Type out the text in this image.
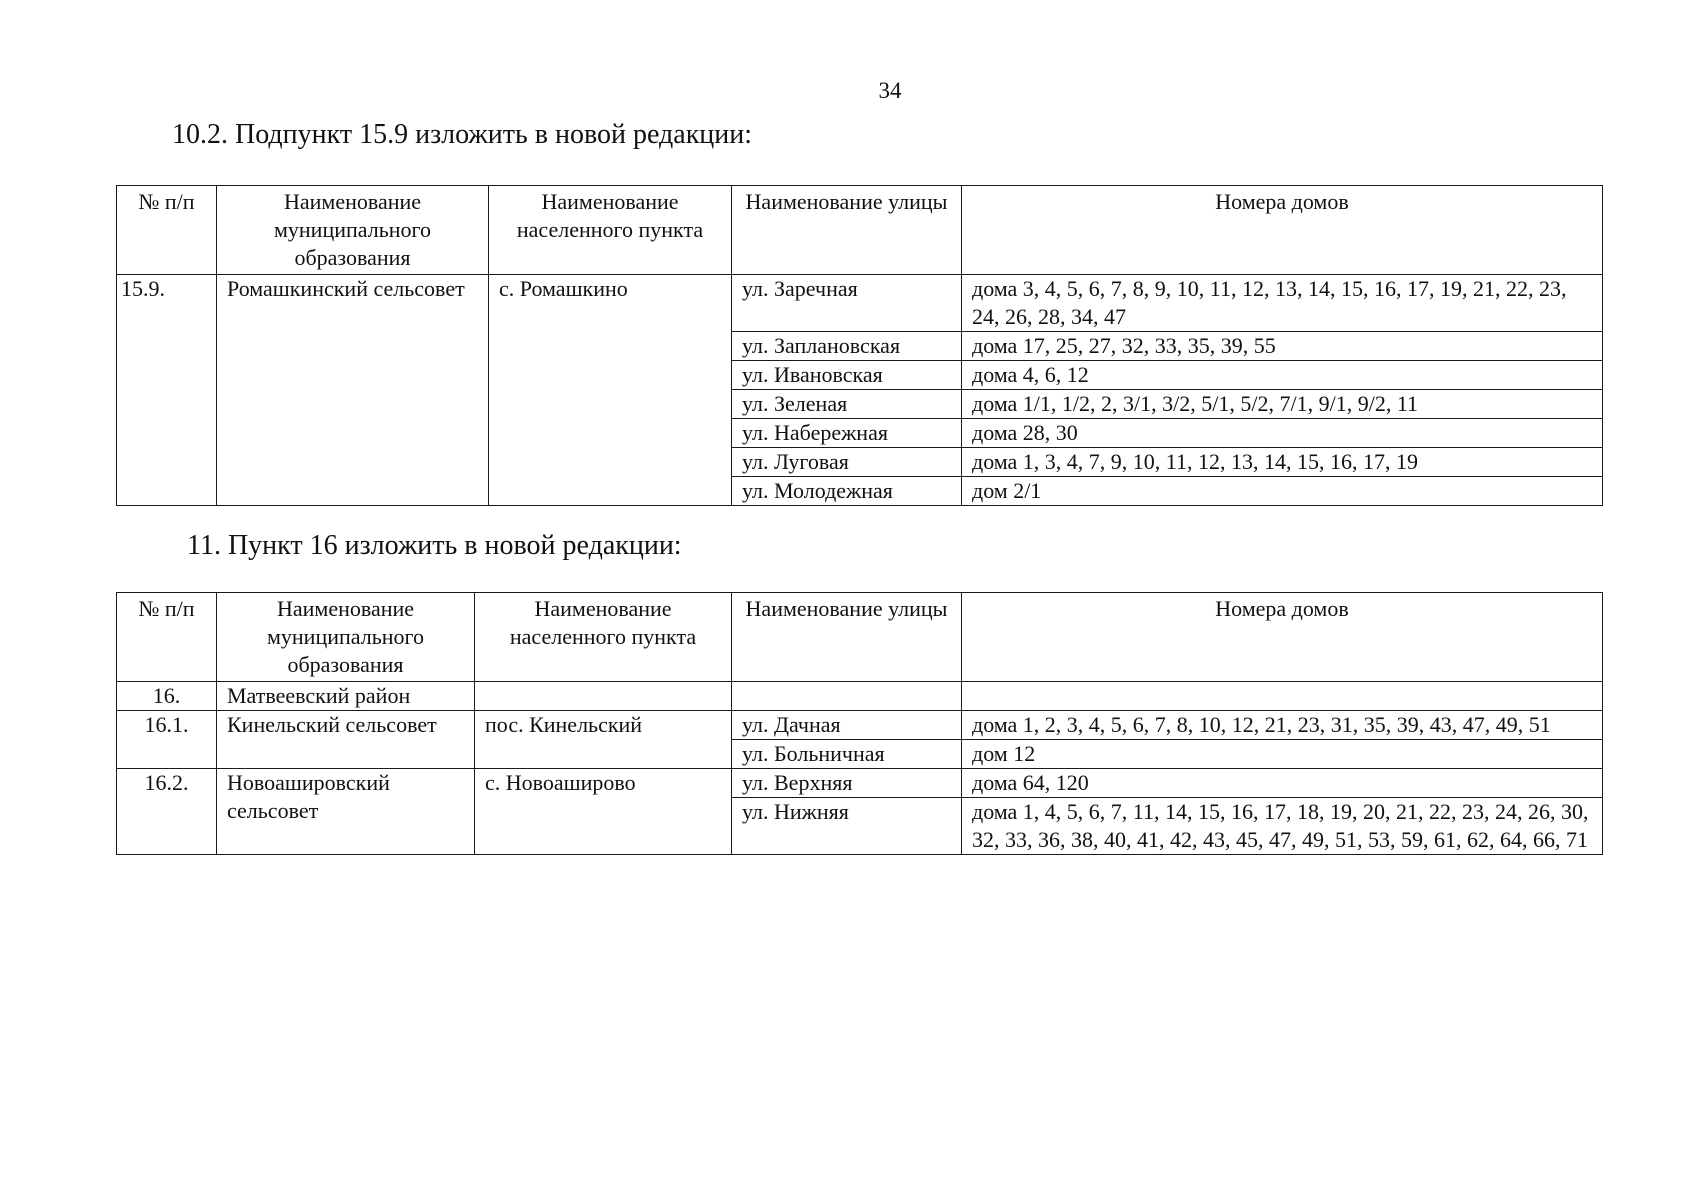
34
10.2. Подпункт 15.9 изложить в новой редакции:
№ п/п	Наименование муниципального образования	Наименование населенного пункта	Наименование улицы	Номера домов
15.9.	Ромашкинский сельсовет	с. Ромашкино	ул. Заречная	дома 3, 4, 5, 6, 7, 8, 9, 10, 11, 12, 13, 14, 15, 16, 17, 19, 21, 22, 23, 24, 26, 28, 34, 47
			ул. Заплановская	дома 17, 25, 27, 32, 33, 35, 39, 55
			ул. Ивановская	дома 4, 6, 12
			ул. Зеленая	дома 1/1, 1/2, 2, 3/1, 3/2, 5/1, 5/2, 7/1, 9/1, 9/2, 11
			ул. Набережная	дома 28, 30
			ул. Луговая	дома 1, 3, 4, 7, 9, 10, 11, 12, 13, 14, 15, 16, 17, 19
			ул. Молодежная	дом 2/1
11. Пункт 16 изложить в новой редакции:
№ п/п	Наименование муниципального образования	Наименование населенного пункта	Наименование улицы	Номера домов
16.	Матвеевский район			
16.1.	Кинельский сельсовет	пос. Кинельский	ул. Дачная	дома 1, 2, 3, 4, 5, 6, 7, 8, 10, 12, 21, 23, 31, 35, 39, 43, 47, 49, 51
			ул. Больничная	дом 12
16.2.	Новоашировский сельсовет	с. Новоаширово	ул. Верхняя	дома 64, 120
			ул. Нижняя	дома 1, 4, 5, 6, 7, 11, 14, 15, 16, 17, 18, 19, 20, 21, 22, 23, 24, 26, 30, 32, 33, 36, 38, 40, 41, 42, 43, 45, 47, 49, 51, 53, 59, 61, 62, 64, 66, 71
